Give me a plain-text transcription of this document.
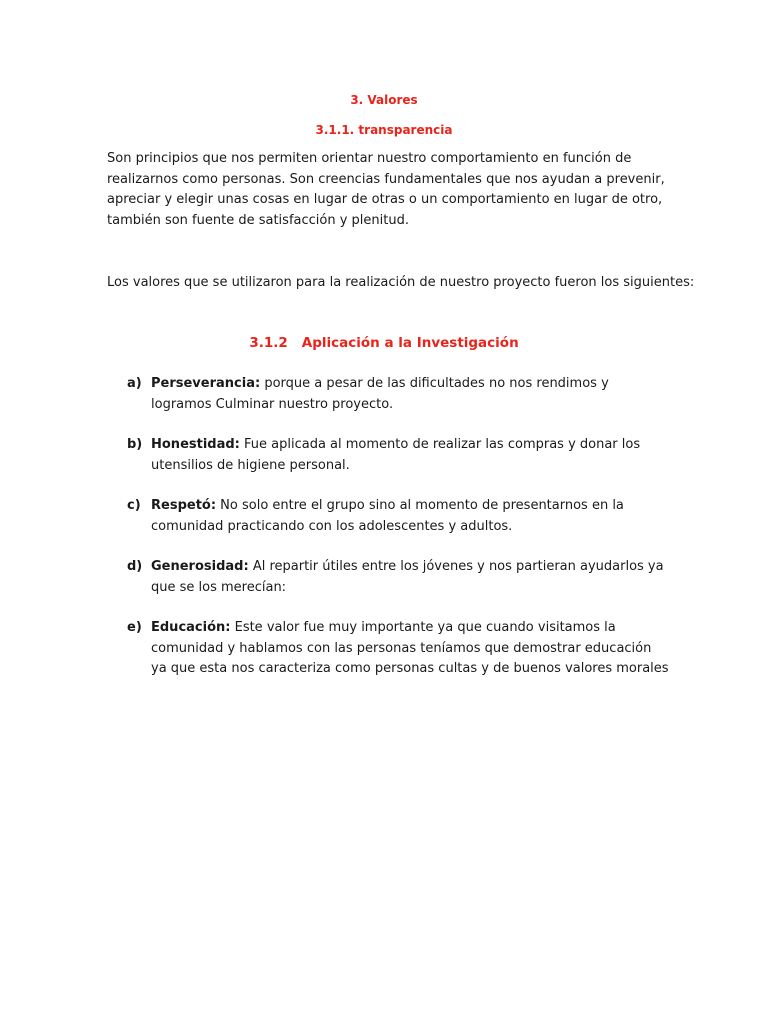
3. Valores
3.1.1. transparencia

Son principios que nos permiten orientar nuestro comportamiento en función de realizarnos como personas. Son creencias fundamentales que nos ayudan a prevenir, apreciar y elegir unas cosas en lugar de otras o un comportamiento en lugar de otro, también son fuente de satisfacción y plenitud.

Los valores que se utilizaron para la realización de nuestro proyecto fueron los siguientes:

3.1.2 Aplicación a la Investigación
a) Perseverancia: porque a pesar de las dificultades no nos rendimos y logramos Culminar nuestro proyecto.
b) Honestidad: Fue aplicada al momento de realizar las compras y donar los utensilios de higiene personal.
c) Respetó: No solo entre el grupo sino al momento de presentarnos en la comunidad practicando con los adolescentes y adultos.
d) Generosidad: Al repartir útiles entre los jóvenes y nos partieran ayudarlos ya que se los merecían:
e) Educación: Este valor fue muy importante ya que cuando visitamos la comunidad y hablamos con las personas teníamos que demostrar educación ya que esta nos caracteriza como personas cultas y de buenos valores morales
